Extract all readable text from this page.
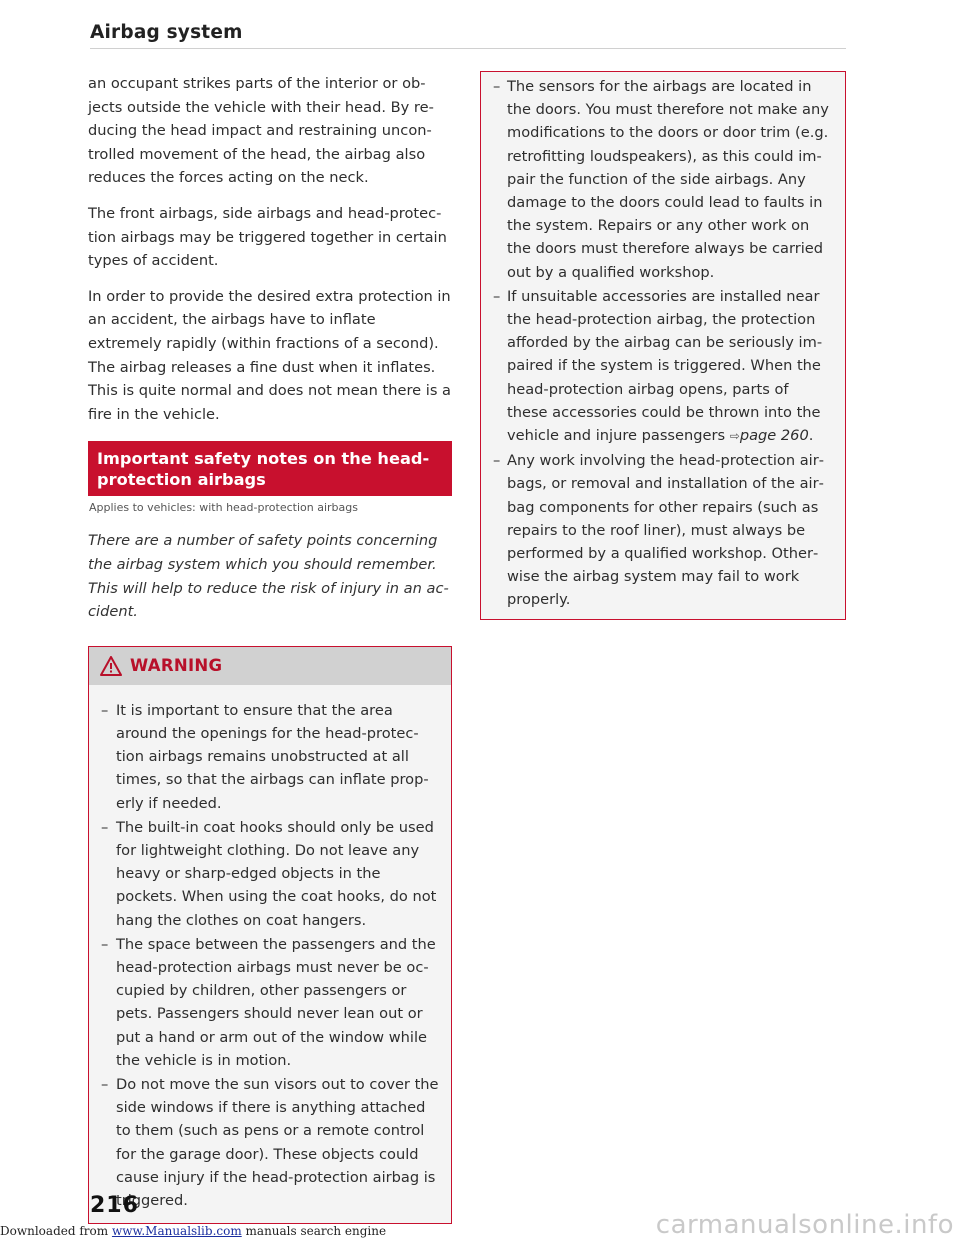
Airbag system

an occupant strikes parts of the interior or objects outside the vehicle with their head. By reducing the head impact and restraining uncontrolled movement of the head, the airbag also reduces the forces acting on the neck.

The front airbags, side airbags and head-protection airbags may be triggered together in certain types of accident.

In order to provide the desired extra protection in an accident, the airbags have to inflate extremely rapidly (within fractions of a second). The airbag releases a fine dust when it inflates. This is quite normal and does not mean there is a fire in the vehicle.

Important safety notes on the head-protection airbags
Applies to vehicles: with head-protection airbags

There are a number of safety points concerning the airbag system which you should remember. This will help to reduce the risk of injury in an accident.

WARNING
– It is important to ensure that the area around the openings for the head-protection airbags remains unobstructed at all times, so that the airbags can inflate properly if needed.
– The built-in coat hooks should only be used for lightweight clothing. Do not leave any heavy or sharp-edged objects in the pockets. When using the coat hooks, do not hang the clothes on coat hangers.
– The space between the passengers and the head-protection airbags must never be occupied by children, other passengers or pets. Passengers should never lean out or put a hand or arm out of the window while the vehicle is in motion.
– Do not move the sun visors out to cover the side windows if there is anything attached to them (such as pens or a remote control for the garage door). These objects could cause injury if the head-protection airbag is triggered.
– The sensors for the airbags are located in the doors. You must therefore not make any modifications to the doors or door trim (e.g. retrofitting loudspeakers), as this could impair the function of the side airbags. Any damage to the doors could lead to faults in the system. Repairs or any other work on the doors must therefore always be carried out by a qualified workshop.
– If unsuitable accessories are installed near the head-protection airbag, the protection afforded by the airbag can be seriously impaired if the system is triggered. When the head-protection airbag opens, parts of these accessories could be thrown into the vehicle and injure passengers ⇨page 260.
– Any work involving the head-protection airbags, or removal and installation of the airbag components for other repairs (such as repairs to the roof liner), must always be performed by a qualified workshop. Otherwise the airbag system may fail to work properly.
216
Downloaded from www.Manualslib.com manuals search engine	carmanualsonline.info
